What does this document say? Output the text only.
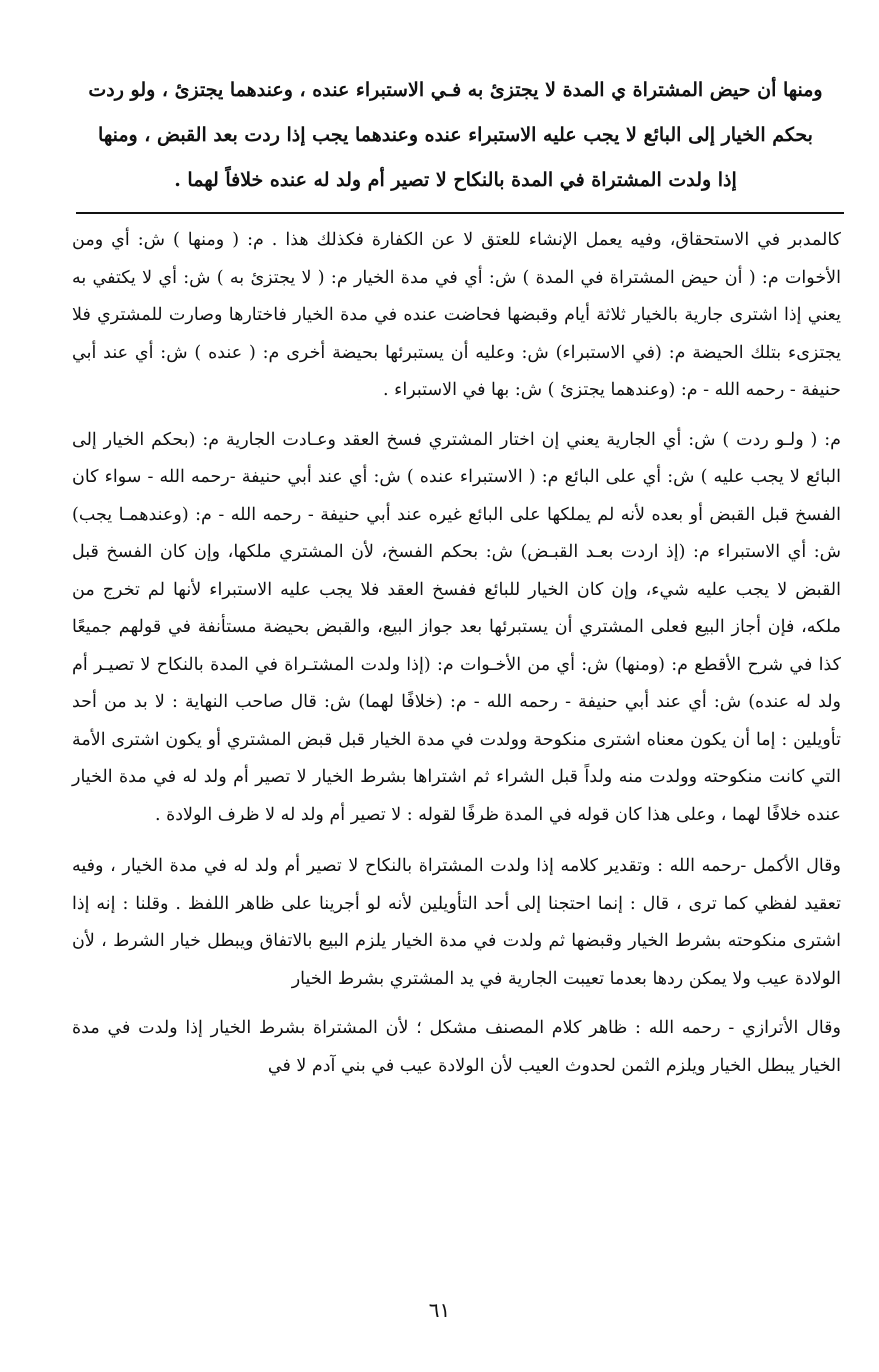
ومنها أن حيض المشتراة ي المدة لا يجتزئ به فـي الاستبراء عنده ، وعندهما يجتزئ ، ولو ردت
بحكم الخيار إلى البائع لا يجب عليه الاستبراء عنده وعندهما يجب إذا ردت بعد القبض ، ومنها
إذا ولدت المشتراة في المدة بالنكاح لا تصير أم ولد له عنده خلافاً لهما .

كالمدبر في الاستحقاق، وفيه يعمل الإنشاء للعتق لا عن الكفارة فكذلك هذا . م: ( ومنها ) ش: أي ومن الأخوات م: ( أن حيض المشتراة في المدة ) ش: أي في مدة الخيار م: ( لا يجتزئ به ) ش: أي لا يكتفي به يعني إذا اشترى جارية بالخيار ثلاثة أيام وقبضها فحاضت عنده في مدة الخيار فاختارها وصارت للمشتري فلا يجتزىء بتلك الحيضة م: (في الاستبراء) ش: وعليه أن يستبرئها بحيضة أخرى م: ( عنده ) ش: أي عند أبي حنيفة - رحمه الله - م: (وعندهما يجتزئ ) ش: بها في الاستبراء .

م: ( ولـو ردت ) ش: أي الجارية يعني إن اختار المشتري فسخ العقد وعـادت الجارية م: (بحكم الخيار إلى البائع لا يجب عليه ) ش: أي على البائع م: ( الاستبراء عنده ) ش: أي عند أبي حنيفة -رحمه الله - سواء كان الفسخ قبل القبض أو بعده لأنه لم يملكها على البائع غيره عند أبي حنيفة - رحمه الله - م: (وعندهمـا يجب) ش: أي الاستبراء م: (إذ اردت بعـد القبـض) ش: بحكم الفسخ، لأن المشتري ملكها، وإن كان الفسخ قبل القبض لا يجب عليه شيء، وإن كان الخيار للبائع ففسخ العقد فلا يجب عليه الاستبراء لأنها لم تخرج من ملكه، فإن أجاز البيع فعلى المشتري أن يستبرئها بعد جواز البيع، والقبض بحيضة مستأنفة في قولهم جميعًا كذا في شرح الأقطع م: (ومنها) ش: أي من الأخـوات م: (إذا ولدت المشتـراة في المدة بالنكاح لا تصيـر أم ولد له عنده) ش: أي عند أبي حنيفة - رحمه الله - م: (خلافًا لهما) ش: قال صاحب النهاية : لا بد من أحد تأويلين : إما أن يكون معناه اشترى منكوحة وولدت في مدة الخيار قبل قبض المشتري أو يكون اشترى الأمة التي كانت منكوحته وولدت منه ولداً قبل الشراء ثم اشتراها بشرط الخيار لا تصير أم ولد له في مدة الخيار عنده خلافًا لهما ، وعلى هذا كان قوله في المدة ظرفًا لقوله : لا تصير أم ولد له لا ظرف الولادة .

وقال الأكمل -رحمه الله : وتقدير كلامه إذا ولدت المشتراة بالنكاح لا تصير أم ولد له في مدة الخيار ، وفيه تعقيد لفظي كما ترى ، قال : إنما احتجنا إلى أحد التأويلين لأنه لو أجرينا على ظاهر اللفظ . وقلنا : إنه إذا اشترى منكوحته بشرط الخيار وقبضها ثم ولدت في مدة الخيار يلزم البيع بالاتفاق ويبطل خيار الشرط ، لأن الولادة عيب ولا يمكن ردها بعدما تعيبت الجارية في يد المشتري بشرط الخيار

وقال الأترازي - رحمه الله : ظاهر كلام المصنف مشكل ؛ لأن المشتراة بشرط الخيار إذا ولدت في مدة الخيار يبطل الخيار ويلزم الثمن لحدوث العيب لأن الولادة عيب في بني آدم لا في

٦١
